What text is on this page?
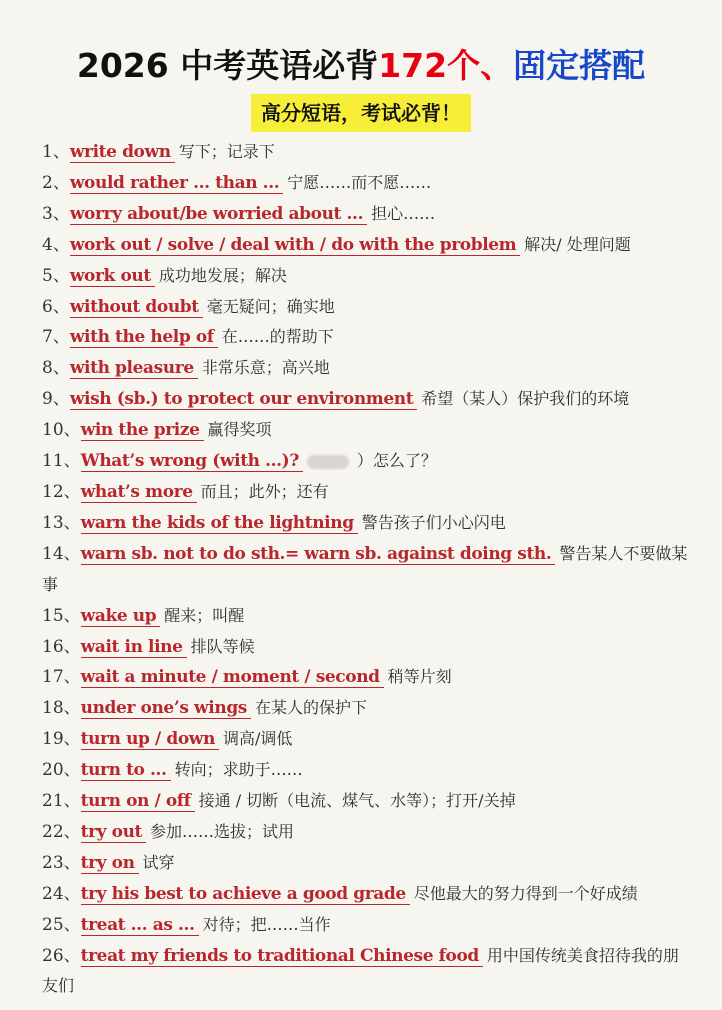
2026 中考英语必背172个、固定搭配
高分短语，考试必背！
1、write down 写下；记录下
2、would rather ... than ... 宁愿……而不愿……
3、worry about/be worried about ... 担心……
4、work out / solve / deal with / do with the problem 解决/ 处理问题
5、work out 成功地发展；解决
6、without doubt 毫无疑问；确实地
7、with the help of 在……的帮助下
8、with pleasure 非常乐意；高兴地
9、wish (sb.) to protect our environment 希望（某人）保护我们的环境
10、win the prize 赢得奖项
11、What’s wrong (with ...)?	）怎么了？
12、what’s more 而且；此外；还有
13、warn the kids of the lightning 警告孩子们小心闪电
14、warn sb. not to do sth.= warn sb. against doing sth. 警告某人不要做某事
15、wake up 醒来；叫醒
16、wait in line 排队等候
17、wait a minute / moment / second 稍等片刻
18、under one’s wings 在某人的保护下
19、turn up / down 调高/调低
20、turn to ... 转向；求助于……
21、turn on / off 接通 / 切断（电流、煤气、水等）；打开/关掉
22、try out 参加……选拔；试用
23、try on 试穿
24、try his best to achieve a good grade 尽他最大的努力得到一个好成绩
25、treat ... as ... 对待；把……当作
26、treat my friends to traditional Chinese food 用中国传统美食招待我的朋友们
